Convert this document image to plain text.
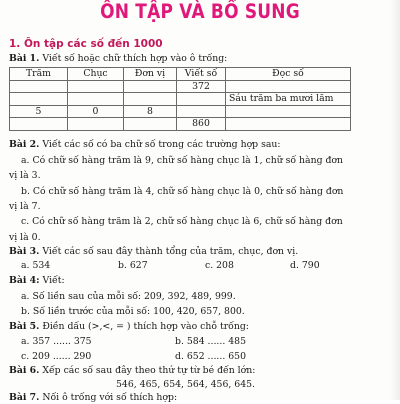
ÔN TẬP VÀ BỔ SUNG
1. Ôn tập các số đến 1000
Bài 1. Viết số hoặc chữ thích hợp vào ô trống:
Trăm	Chục	Đơn vị	Viết số	Đọc số
			372	
				Sáu trăm ba mươi lăm
5	0	8		
			860	
Bài 2. Viết các số có ba chữ số trong các trường hợp sau:
a. Có chữ số hàng trăm là 9, chữ số hàng chục là 1, chữ số hàng đơn
vị là 3.
b. Có chữ số hàng trăm là 4, chữ số hàng chục là 0, chữ số hàng đơn
vị là 7.
c. Có chữ số hàng trăm là 2, chữ số hàng chục là 6, chữ số hàng đơn
vị là 0.
Bài 3. Viết các số sau đây thành tổng của trăm, chục, đơn vị.
a. 534	b. 627	c. 208	d. 790
Bài 4: Viết:
a. Số liền sau của mỗi số: 209, 392, 489, 999.
b. Số liền trước của mỗi số: 100, 420, 657, 800.
Bài 5. Điền dấu (>,<, = ) thích hợp vào chỗ trống:
a. 357 ...... 375	b. 584 ...... 485
c. 209 ...... 290	d. 652 ...... 650
Bài 6. Xếp các số sau đây theo thứ tự từ bé đến lớn:
546, 465, 654, 564, 456, 645.
Bài 7. Nối ô trống với số thích hợp:
